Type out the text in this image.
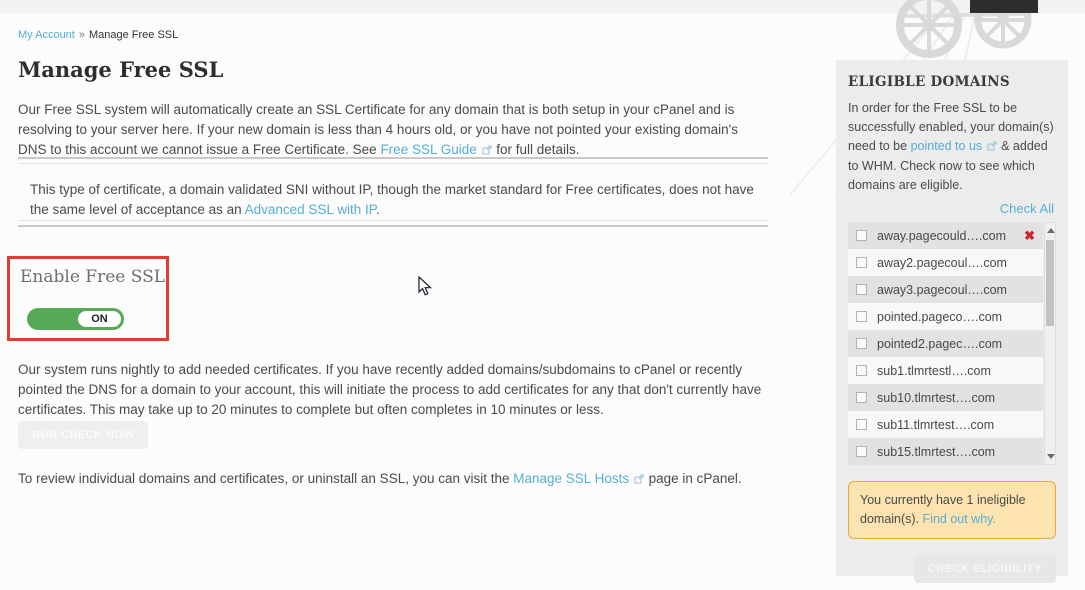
My Account » Manage Free SSL
Manage Free SSL

Our Free SSL system will automatically create an SSL Certificate for any domain that is both setup in your cPanel and is resolving to your server here. If your new domain is less than 4 hours old, or you have not pointed your existing domain's DNS to this account we cannot issue a Free Certificate. See Free SSL Guide  for full details.

This type of certificate, a domain validated SNI without IP, though the market standard for Free certificates, does not have the same level of acceptance as an Advanced SSL with IP.

Enable Free SSL
ON

Our system runs nightly to add needed certificates. If you have recently added domains/subdomains to cPanel or recently pointed the DNS for a domain to your account, this will initiate the process to add certificates for any that don't currently have certificates. This may take up to 20 minutes to complete but often completes in 10 minutes or less.

RUN CHECK NOW

To review individual domains and certificates, or uninstall an SSL, you can visit the Manage SSL Hosts  page in cPanel.

ELIGIBLE DOMAINS

In order for the Free SSL to be successfully enabled, your domain(s) need to be pointed to us  & added to WHM. Check now to see which domains are eligible.

Check All
away.pagecould….com ✖
away2.pagecoul….com
away3.pagecoul….com
pointed.pageco….com
pointed2.pagec….com
sub1.tlmrtestl….com
sub10.tlmrtest….com
sub11.tlmrtest….com
sub15.tlmrtest….com
You currently have 1 ineligible domain(s). Find out why.
CHECK ELIGIBILITY
